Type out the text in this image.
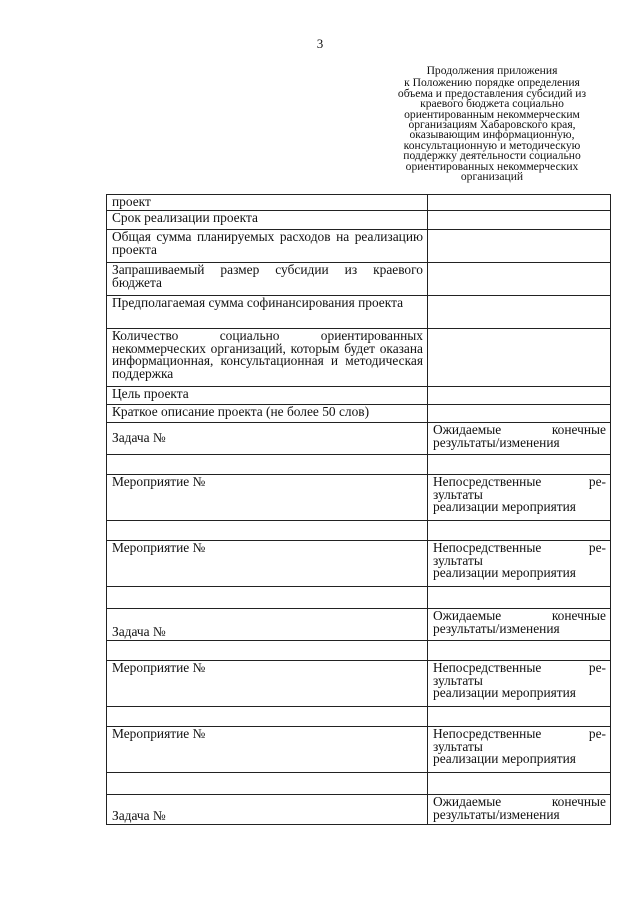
3
Продолжения приложения
к Положению порядке определения
объема и предоставления субсидий из
краевого бюджета социально
ориентированным некоммерческим
организациям Хабаровского края,
оказывающим информационную,
консультационную и методическую
поддержку деятельности социально
ориентированных некоммерческих
организаций
проект	
Срок реализации проекта	
Общая сумма планируемых расходов на реализацию проекта	
Запрашиваемый размер субсидии из краевого бюджета	
Предполагаемая сумма софинансирования проекта	
Количество социально ориентированных некоммерческих организаций, которым будет оказана информационная, консультационная и методическая поддержка	
Цель проекта	
Краткое описание проекта (не более 50 слов)	
Задача №	Ожидаемые конечные результаты/изменения

Мероприятие №	Непосредственные ре-
зультаты
реализации мероприятия

Мероприятие №	Непосредственные ре-
зультаты
реализации мероприятия

Задача №	Ожидаемые конечные результаты/изменения

Мероприятие №	Непосредственные ре-
зультаты
реализации мероприятия

Мероприятие №	Непосредственные ре-
зультаты
реализации мероприятия

Задача №	Ожидаемые конечные результаты/изменения
